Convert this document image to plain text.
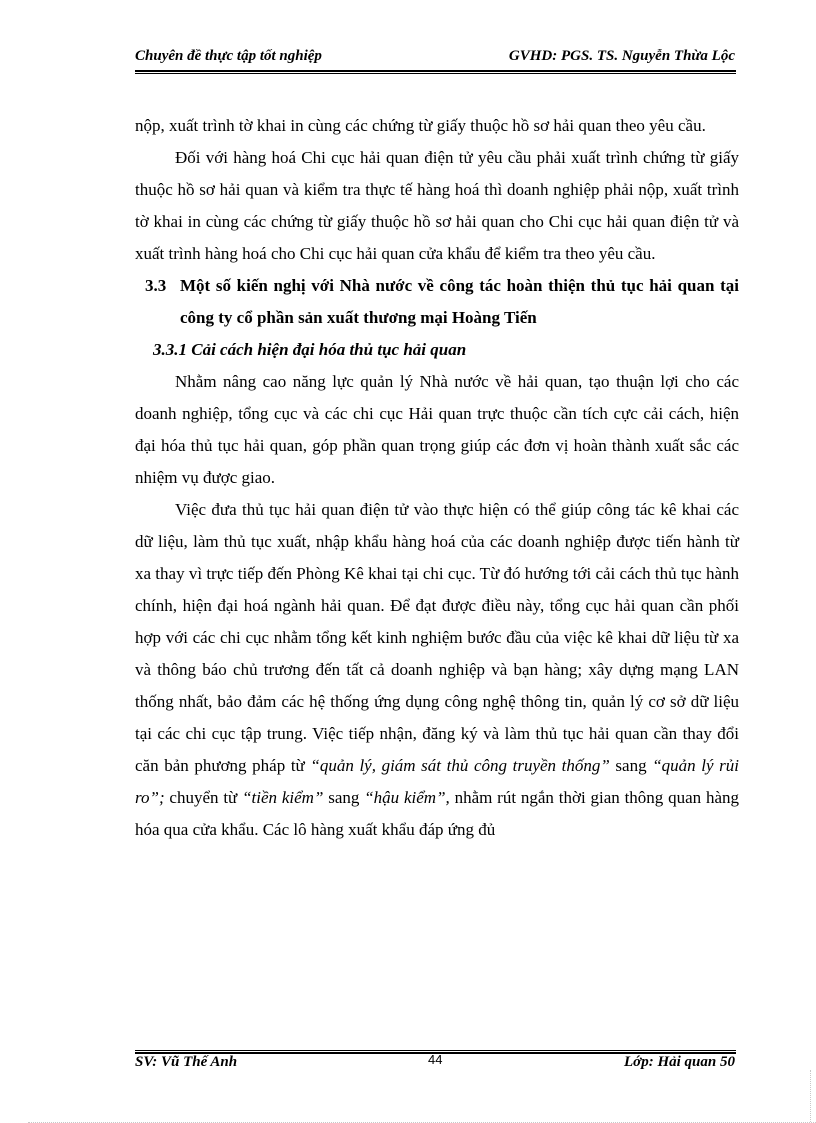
Chuyên đề thực tập tốt nghiệp	GVHD: PGS. TS. Nguyễn Thừa Lộc

nộp, xuất trình tờ khai in cùng các chứng từ giấy thuộc hồ sơ hải quan theo yêu cầu.

Đối với hàng hoá Chi cục hải quan điện tử yêu cầu phải xuất trình chứng từ giấy thuộc hồ sơ hải quan và kiểm tra thực tế hàng hoá thì doanh nghiệp phải nộp, xuất trình tờ khai in cùng các chứng từ giấy thuộc hồ sơ hải quan cho Chi cục hải quan điện tử và xuất trình hàng hoá cho Chi cục hải quan cửa khẩu để kiểm tra theo yêu cầu.

3.3 Một số kiến nghị với Nhà nước về công tác hoàn thiện thủ tục hải quan tại công ty cổ phần sản xuất thương mại Hoàng Tiến

3.3.1 Cải cách hiện đại hóa thủ tục hải quan

Nhằm nâng cao năng lực quản lý Nhà nước về hải quan, tạo thuận lợi cho các doanh nghiệp, tổng cục và các chi cục Hải quan trực thuộc cần tích cực cải cách, hiện đại hóa thủ tục hải quan, góp phần quan trọng giúp các đơn vị hoàn thành xuất sắc các nhiệm vụ được giao.

Việc đưa thủ tục hải quan điện tử vào thực hiện có thể giúp công tác kê khai các dữ liệu, làm thủ tục xuất, nhập khẩu hàng hoá của các doanh nghiệp được tiến hành từ xa thay vì trực tiếp đến Phòng Kê khai tại chi cục. Từ đó hướng tới cải cách thủ tục hành chính, hiện đại hoá ngành hải quan. Để đạt được điều này, tổng cục hải quan cần phối hợp với các chi cục nhằm tổng kết kinh nghiệm bước đầu của việc kê khai dữ liệu từ xa và thông báo chủ trương đến tất cả doanh nghiệp và bạn hàng; xây dựng mạng LAN thống nhất, bảo đảm các hệ thống ứng dụng công nghệ thông tin, quản lý cơ sở dữ liệu tại các chi cục tập trung. Việc tiếp nhận, đăng ký và làm thủ tục hải quan cần thay đổi căn bản phương pháp từ “quản lý, giám sát thủ công truyền thống” sang “quản lý rủi ro”; chuyển từ “tiền kiểm” sang “hậu kiểm”, nhằm rút ngắn thời gian thông quan hàng hóa qua cửa khẩu. Các lô hàng xuất khẩu đáp ứng đủ

SV: Vũ Thế Anh	44	Lớp: Hải quan 50
